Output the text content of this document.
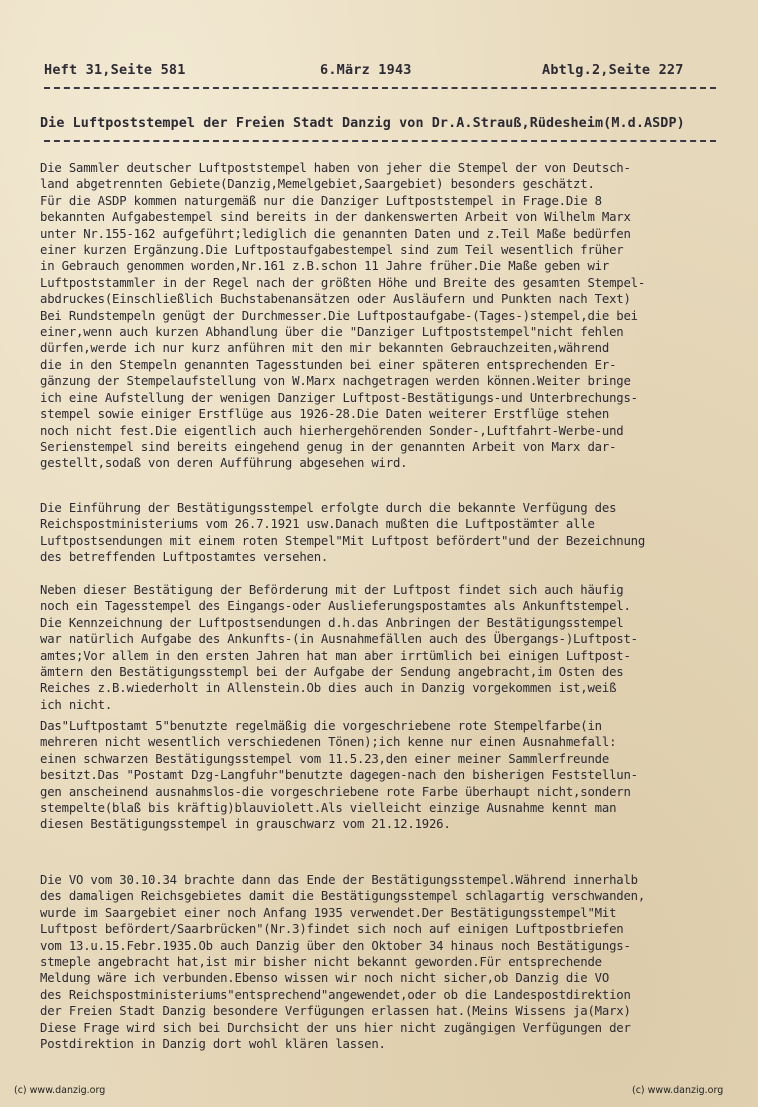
Heft 31,Seite 581	6.März 1943	Abtlg.2,Seite 227
Die Luftpoststempel der Freien Stadt Danzig von Dr.A.Strauß,Rüdesheim(M.d.ASDP)
Die Sammler deutscher Luftpoststempel haben von jeher die Stempel der von Deutsch-
land abgetrennten Gebiete(Danzig,Memelgebiet,Saargebiet) besonders geschätzt.
Für die ASDP kommen naturgemäß nur die Danziger Luftpoststempel in Frage.Die 8
bekannten Aufgabestempel sind bereits in der dankenswerten Arbeit von Wilhelm Marx
unter Nr.155-162 aufgeführt;lediglich die genannten Daten und z.Teil Maße bedürfen
einer kurzen Ergänzung.Die Luftpostaufgabestempel sind zum Teil wesentlich früher
in Gebrauch genommen worden,Nr.161 z.B.schon 11 Jahre früher.Die Maße geben wir
Luftpoststammler in der Regel nach der größten Höhe und Breite des gesamten Stempel-
abdruckes(Einschließlich Buchstabenansätzen oder Ausläufern und Punkten nach Text)
Bei Rundstempeln genügt der Durchmesser.Die Luftpostaufgabe-(Tages-)stempel,die bei
einer,wenn auch kurzen Abhandlung über die "Danziger Luftpoststempel"nicht fehlen
dürfen,werde ich nur kurz anführen mit den mir bekannten Gebrauchzeiten,während
die in den Stempeln genannten Tagesstunden bei einer späteren entsprechenden Er-
gänzung der Stempelaufstellung von W.Marx nachgetragen werden können.Weiter bringe
ich eine Aufstellung der wenigen Danziger Luftpost-Bestätigungs-und Unterbrechungs-
stempel sowie einiger Erstflüge aus 1926-28.Die Daten weiterer Erstflüge stehen
noch nicht fest.Die eigentlich auch hierhergehörenden Sonder-,Luftfahrt-Werbe-und
Serienstempel sind bereits eingehend genug in der genannten Arbeit von Marx dar-
gestellt,sodaß von deren Aufführung abgesehen wird.
Die Einführung der Bestätigungsstempel erfolgte durch die bekannte Verfügung des
Reichspostministeriums vom 26.7.1921 usw.Danach mußten die Luftpostämter alle
Luftpostsendungen mit einem roten Stempel"Mit Luftpost befördert"und der Bezeichnung
des betreffenden Luftpostamtes versehen.
Neben dieser Bestätigung der Beförderung mit der Luftpost findet sich auch häufig
noch ein Tagesstempel des Eingangs-oder Auslieferungspostamtes als Ankunftstempel.
Die Kennzeichnung der Luftpostsendungen d.h.das Anbringen der Bestätigungsstempel
war natürlich Aufgabe des Ankunfts-(in Ausnahmefällen auch des Übergangs-)Luftpost-
amtes;Vor allem in den ersten Jahren hat man aber irrtümlich bei einigen Luftpost-
ämtern den Bestätigungsstempl bei der Aufgabe der Sendung angebracht,im Osten des
Reiches z.B.wiederholt in Allenstein.Ob dies auch in Danzig vorgekommen ist,weiß
ich nicht.
Das"Luftpostamt 5"benutzte regelmäßig die vorgeschriebene rote Stempelfarbe(in
mehreren nicht wesentlich verschiedenen Tönen);ich kenne nur einen Ausnahmefall:
einen schwarzen Bestätigungsstempel vom 11.5.23,den einer meiner Sammlerfreunde
besitzt.Das "Postamt Dzg-Langfuhr"benutzte dagegen-nach den bisherigen Feststellun-
gen anscheinend ausnahmslos-die vorgeschriebene rote Farbe überhaupt nicht,sondern
stempelte(blaß bis kräftig)blauviolett.Als vielleicht einzige Ausnahme kennt man
diesen Bestätigungsstempel in grauschwarz vom 21.12.1926.
Die VO vom 30.10.34 brachte dann das Ende der Bestätigungsstempel.Während innerhalb
des damaligen Reichsgebietes damit die Bestätigungsstempel schlagartig verschwanden,
wurde im Saargebiet einer noch Anfang 1935 verwendet.Der Bestätigungsstempel"Mit
Luftpost befördert/Saarbrücken"(Nr.3)findet sich noch auf einigen Luftpostbriefen
vom 13.u.15.Febr.1935.Ob auch Danzig über den Oktober 34 hinaus noch Bestätigungs-
stmeple angebracht hat,ist mir bisher nicht bekannt geworden.Für entsprechende
Meldung wäre ich verbunden.Ebenso wissen wir noch nicht sicher,ob Danzig die VO
des Reichspostministeriums"entsprechend"angewendet,oder ob die Landespostdirektion
der Freien Stadt Danzig besondere Verfügungen erlassen hat.(Meins Wissens ja(Marx)
Diese Frage wird sich bei Durchsicht der uns hier nicht zugängigen Verfügungen der
Postdirektion in Danzig dort wohl klären lassen.
(c) www.danzig.org	(c) www.danzig.org
